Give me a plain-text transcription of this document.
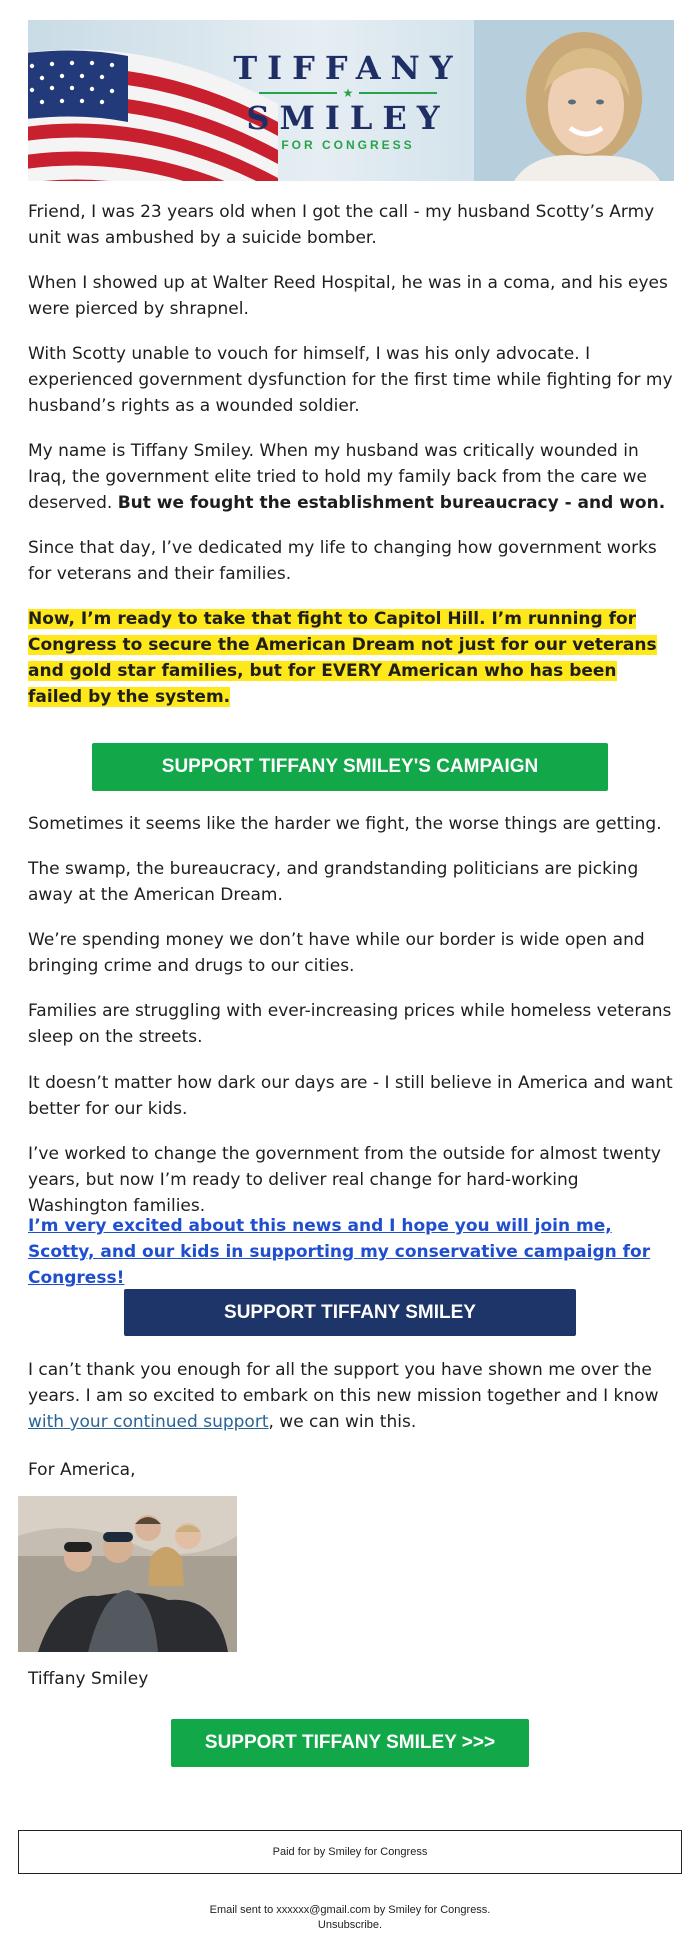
TIFFANY
★
SMILEY
FOR CONGRESS

Friend, I was 23 years old when I got the call - my husband Scotty’s Army unit was ambushed by a suicide bomber.

When I showed up at Walter Reed Hospital, he was in a coma, and his eyes were pierced by shrapnel.

With Scotty unable to vouch for himself, I was his only advocate. I experienced government dysfunction for the first time while fighting for my husband’s rights as a wounded soldier.

My name is Tiffany Smiley. When my husband was critically wounded in Iraq, the government elite tried to hold my family back from the care we deserved. But we fought the establishment bureaucracy - and won.

Since that day, I’ve dedicated my life to changing how government works for veterans and their families.

Now, I’m ready to take that fight to Capitol Hill. I’m running for Congress to secure the American Dream not just for our veterans and gold star families, but for EVERY American who has been failed by the system.

SUPPORT TIFFANY SMILEY'S CAMPAIGN

Sometimes it seems like the harder we fight, the worse things are getting.

The swamp, the bureaucracy, and grandstanding politicians are picking away at the American Dream.

We’re spending money we don’t have while our border is wide open and bringing crime and drugs to our cities.

Families are struggling with ever-increasing prices while homeless veterans sleep on the streets.

It doesn’t matter how dark our days are - I still believe in America and want better for our kids.

I’ve worked to change the government from the outside for almost twenty years, but now I’m ready to deliver real change for hard-working Washington families.

I’m very excited about this news and I hope you will join me, Scotty, and our kids in supporting my conservative campaign for Congress!

SUPPORT TIFFANY SMILEY

I can’t thank you enough for all the support you have shown me over the years. I am so excited to embark on this new mission together and I know with your continued support, we can win this.

For America,

Tiffany Smiley

SUPPORT TIFFANY SMILEY >>>
Paid for by Smiley for Congress
Email sent to xxxxxx@gmail.com by Smiley for Congress.
Unsubscribe.
